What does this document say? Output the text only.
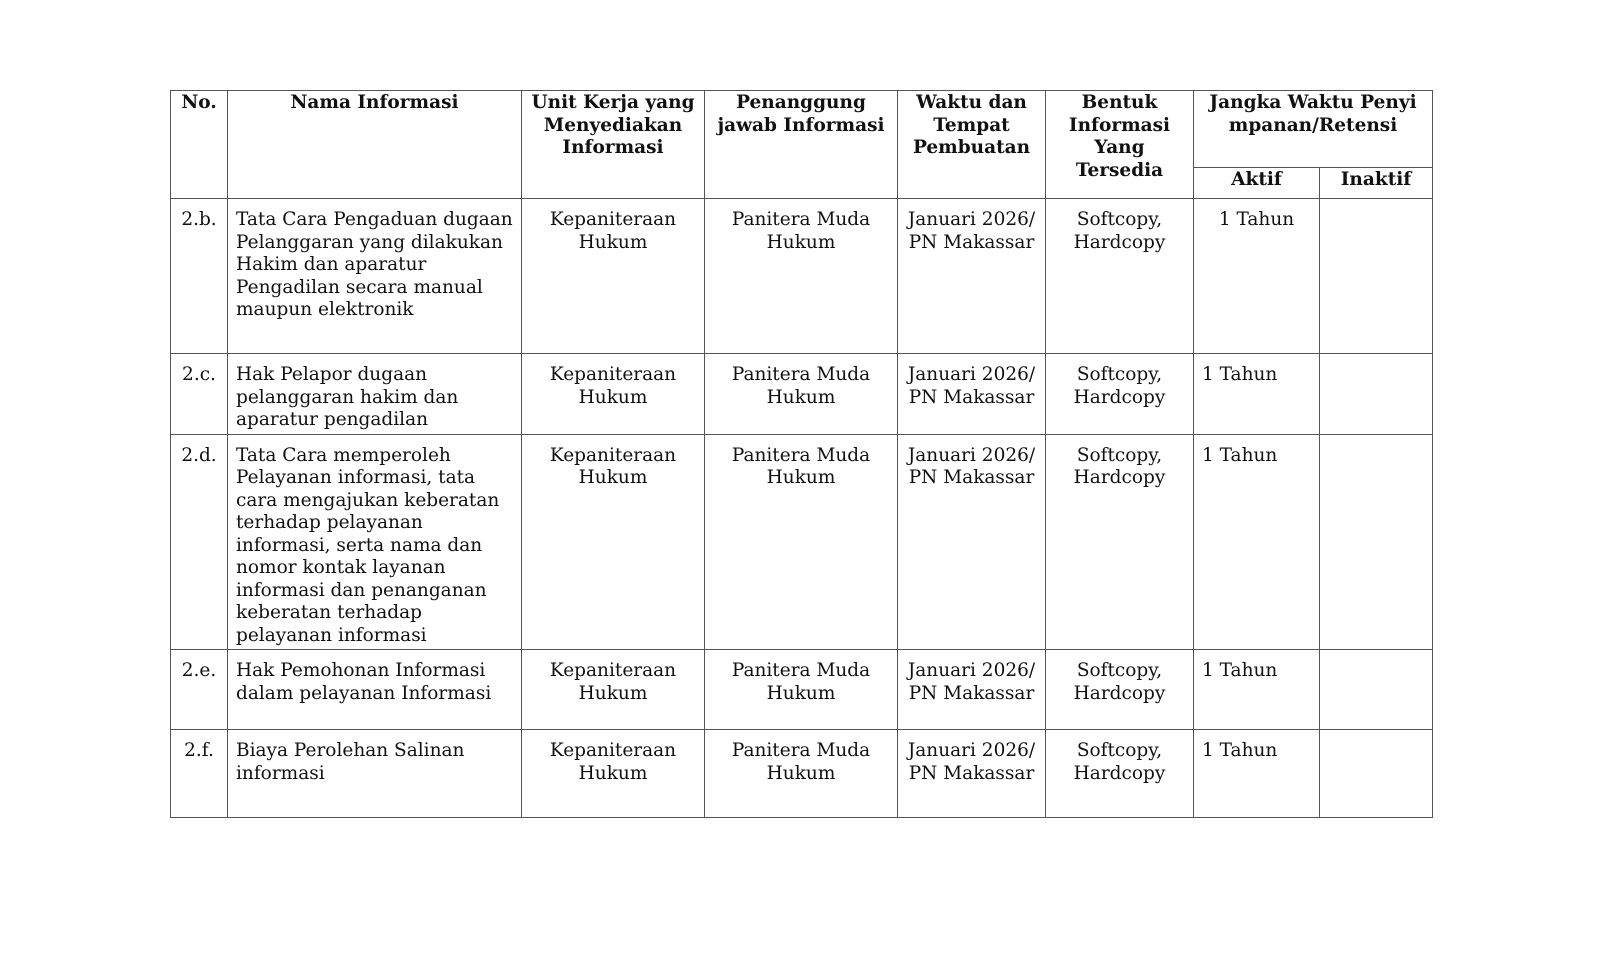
No.	Nama Informasi	Unit Kerja yang Menyediakan Informasi	Penanggung jawab Informasi	Waktu dan Tempat Pembuatan	Bentuk Informasi Yang Tersedia	Jangka Waktu Penyimpanan/Retensi	
						Aktif	Inaktif
2.b.	Tata Cara Pengaduan dugaan Pelanggaran yang dilakukan Hakim dan aparatur Pengadilan secara manual maupun elektronik	Kepaniteraan Hukum	Panitera Muda Hukum	Januari 2026/ PN Makassar	Softcopy, Hardcopy	1 Tahun	
2.c.	Hak Pelapor dugaan pelanggaran hakim dan aparatur pengadilan	Kepaniteraan Hukum	Panitera Muda Hukum	Januari 2026/ PN Makassar	Softcopy, Hardcopy	1 Tahun	
2.d.	Tata Cara memperoleh Pelayanan informasi, tata cara mengajukan keberatan terhadap pelayanan informasi, serta nama dan nomor kontak layanan informasi dan penanganan keberatan terhadap pelayanan informasi	Kepaniteraan Hukum	Panitera Muda Hukum	Januari 2026/ PN Makassar	Softcopy, Hardcopy	1 Tahun	
2.e.	Hak Pemohonan Informasi dalam pelayanan Informasi	Kepaniteraan Hukum	Panitera Muda Hukum	Januari 2026/ PN Makassar	Softcopy, Hardcopy	1 Tahun	
2.f.	Biaya Perolehan Salinan informasi	Kepaniteraan Hukum	Panitera Muda Hukum	Januari 2026/ PN Makassar	Softcopy, Hardcopy	1 Tahun	
